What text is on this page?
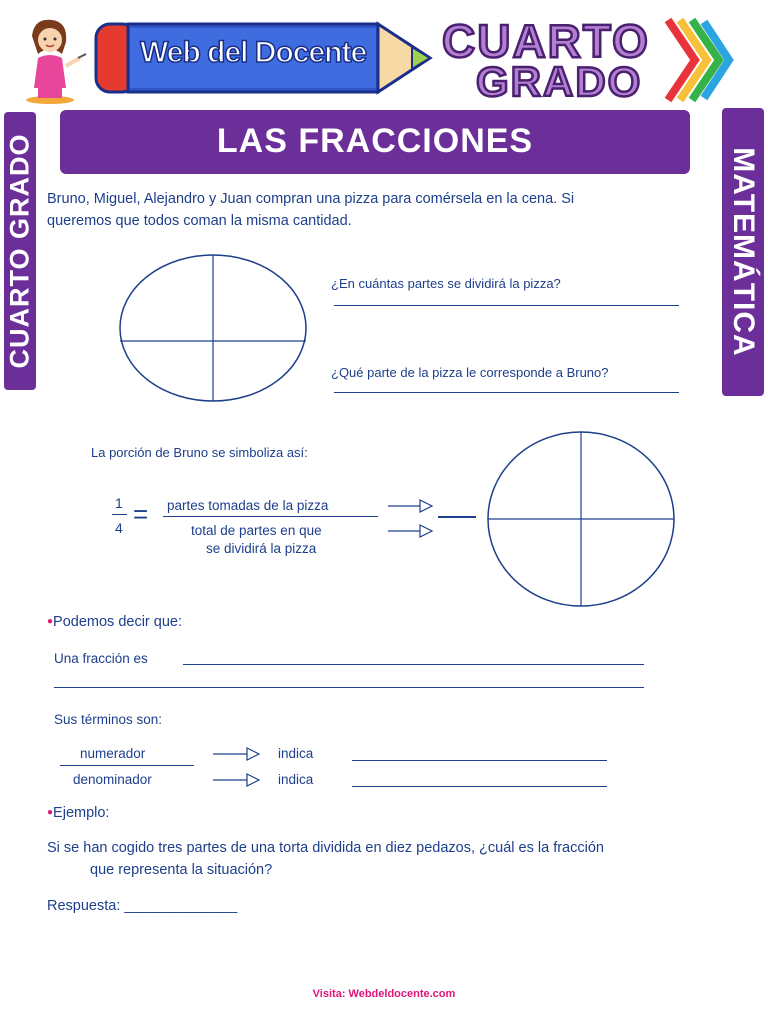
Web del Docente CUARTO
GRADO
LAS FRACCIONES
CUARTO GRADO	MATEMÁTICA
Bruno, Miguel, Alejandro y Juan compran una pizza para comérsela en la cena. Si
queremos que todos coman la misma cantidad.
¿En cuántas partes se dividirá la pizza?
¿Qué parte de la pizza le corresponde a Bruno?
La porción de Bruno se simboliza así:
1
4 = partes tomadas de la pizza
total de partes en que
se dividirá la pizza
●Podemos decir que:
Una fracción es
Sus términos son:
numerador
denominador
indica
indica
●Ejemplo:
Si se han cogido tres partes de una torta dividida en diez pedazos, ¿cuál es la fracción
que representa la situación?
Respuesta: ______________
Visita: Webdeldocente.com
